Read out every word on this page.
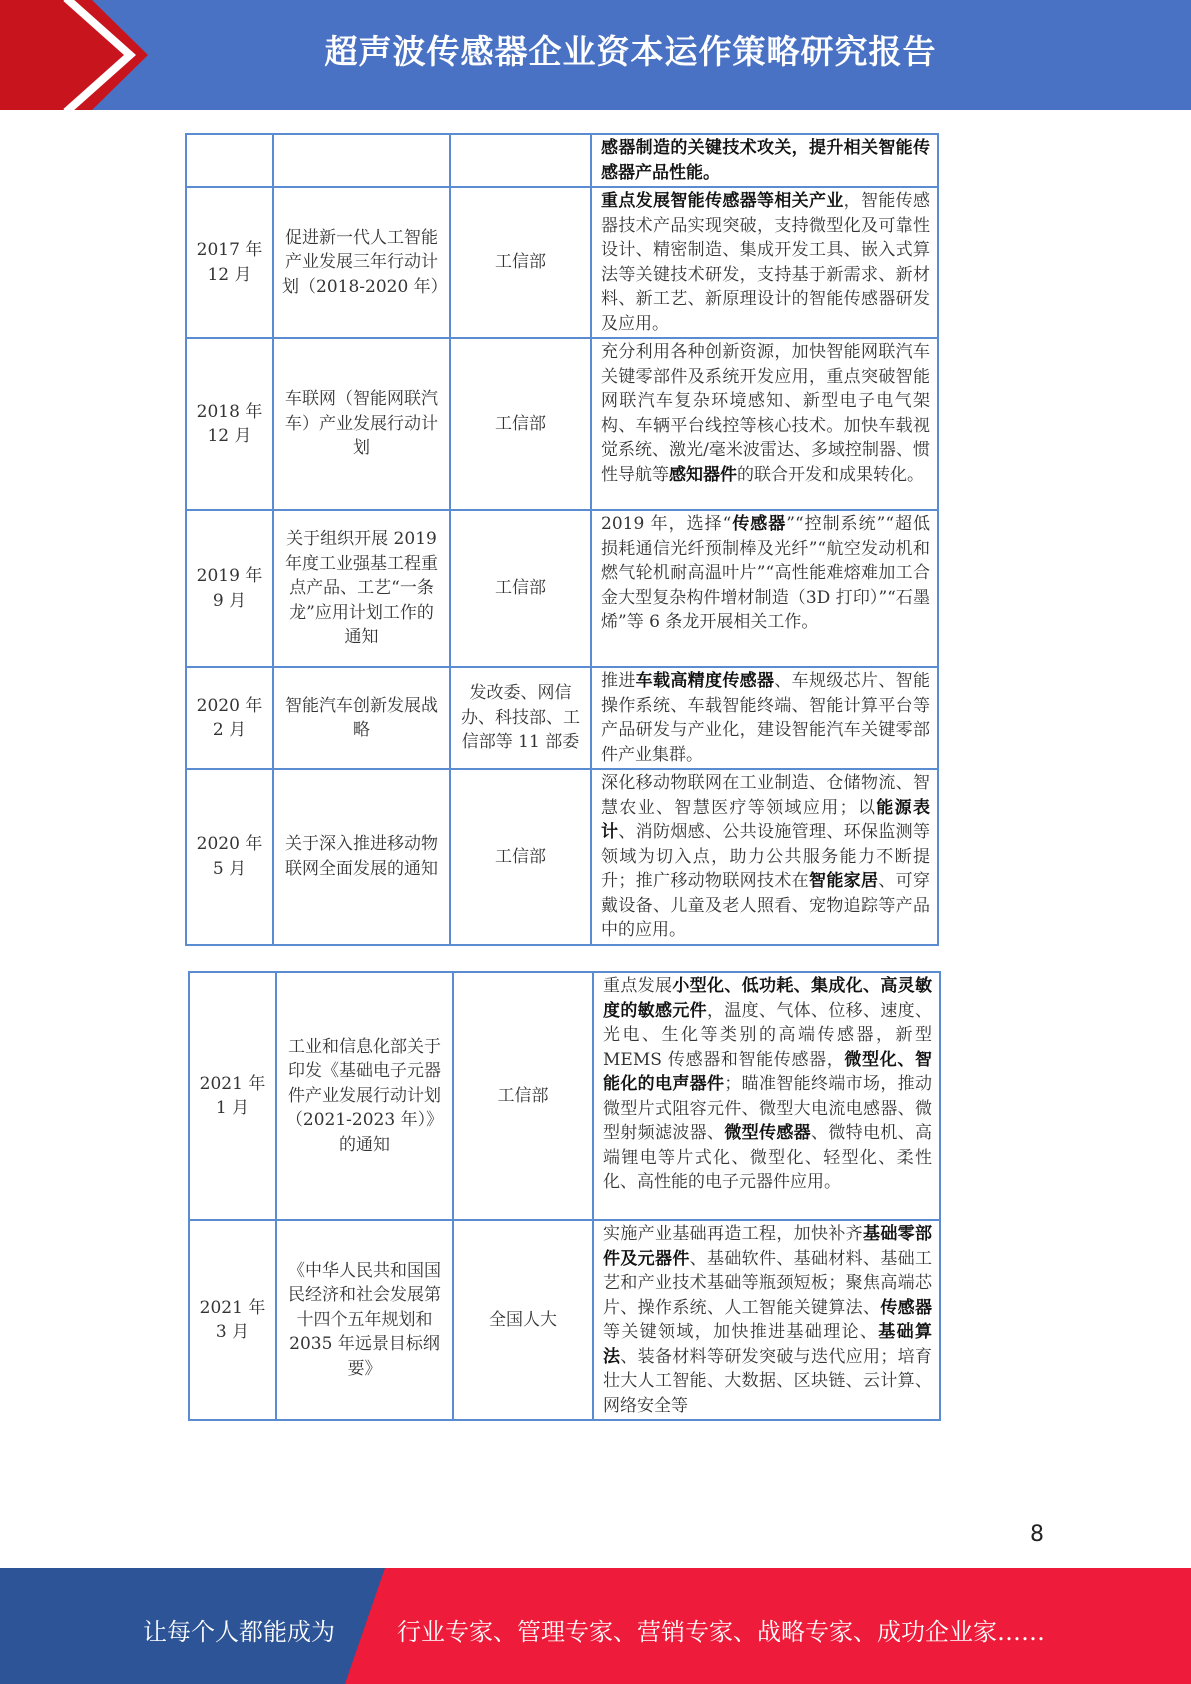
超声波传感器企业资本运作策略研究报告
			感器制造的关键技术攻关，提升相关智能传感器产品性能。
2017 年 12 月	促进新一代人工智能产业发展三年行动计划（2018-2020 年）	工信部	重点发展智能传感器等相关产业，智能传感器技术产品实现突破，支持微型化及可靠性设计、精密制造、集成开发工具、嵌入式算法等关键技术研发，支持基于新需求、新材料、新工艺、新原理设计的智能传感器研发及应用。
2018 年 12 月	车联网（智能网联汽车）产业发展行动计划	工信部	充分利用各种创新资源，加快智能网联汽车关键零部件及系统开发应用，重点突破智能网联汽车复杂环境感知、新型电子电气架构、车辆平台线控等核心技术。加快车载视觉系统、激光/毫米波雷达、多域控制器、惯性导航等感知器件的联合开发和成果转化。
2019 年 9 月	关于组织开展 2019 年度工业强基工程重点产品、工艺“一条龙”应用计划工作的通知	工信部	2019 年，选择“传感器”“控制系统”“超低损耗通信光纤预制棒及光纤”“航空发动机和燃气轮机耐高温叶片”“高性能难熔难加工合金大型复杂构件增材制造（3D 打印）”“石墨烯”等 6 条龙开展相关工作。
2020 年 2 月	智能汽车创新发展战略	发改委、网信办、科技部、工信部等 11 部委	推进车载高精度传感器、车规级芯片、智能操作系统、车载智能终端、智能计算平台等产品研发与产业化，建设智能汽车关键零部件产业集群。
2020 年 5 月	关于深入推进移动物联网全面发展的通知	工信部	深化移动物联网在工业制造、仓储物流、智慧农业、智慧医疗等领域应用；以能源表计、消防烟感、公共设施管理、环保监测等领域为切入点，助力公共服务能力不断提升；推广移动物联网技术在智能家居、可穿戴设备、儿童及老人照看、宠物追踪等产品中的应用。
2021 年 1 月	工业和信息化部关于印发《基础电子元器件产业发展行动计划（2021-2023 年）》的通知	工信部	重点发展小型化、低功耗、集成化、高灵敏度的敏感元件，温度、气体、位移、速度、光电、生化等类别的高端传感器，新型 MEMS 传感器和智能传感器，微型化、智能化的电声器件；瞄准智能终端市场，推动微型片式阻容元件、微型大电流电感器、微型射频滤波器、微型传感器、微特电机、高端锂电等片式化、微型化、轻型化、柔性化、高性能的电子元器件应用。
2021 年 3 月	《中华人民共和国国民经济和社会发展第十四个五年规划和 2035 年远景目标纲要》	全国人大	实施产业基础再造工程，加快补齐基础零部件及元器件、基础软件、基础材料、基础工艺和产业技术基础等瓶颈短板；聚焦高端芯片、操作系统、人工智能关键算法、传感器等关键领域，加快推进基础理论、基础算法、装备材料等研发突破与迭代应用；培育壮大人工智能、大数据、区块链、云计算、网络安全等
8
让每个人都能成为	行业专家、管理专家、营销专家、战略专家、成功企业家……
